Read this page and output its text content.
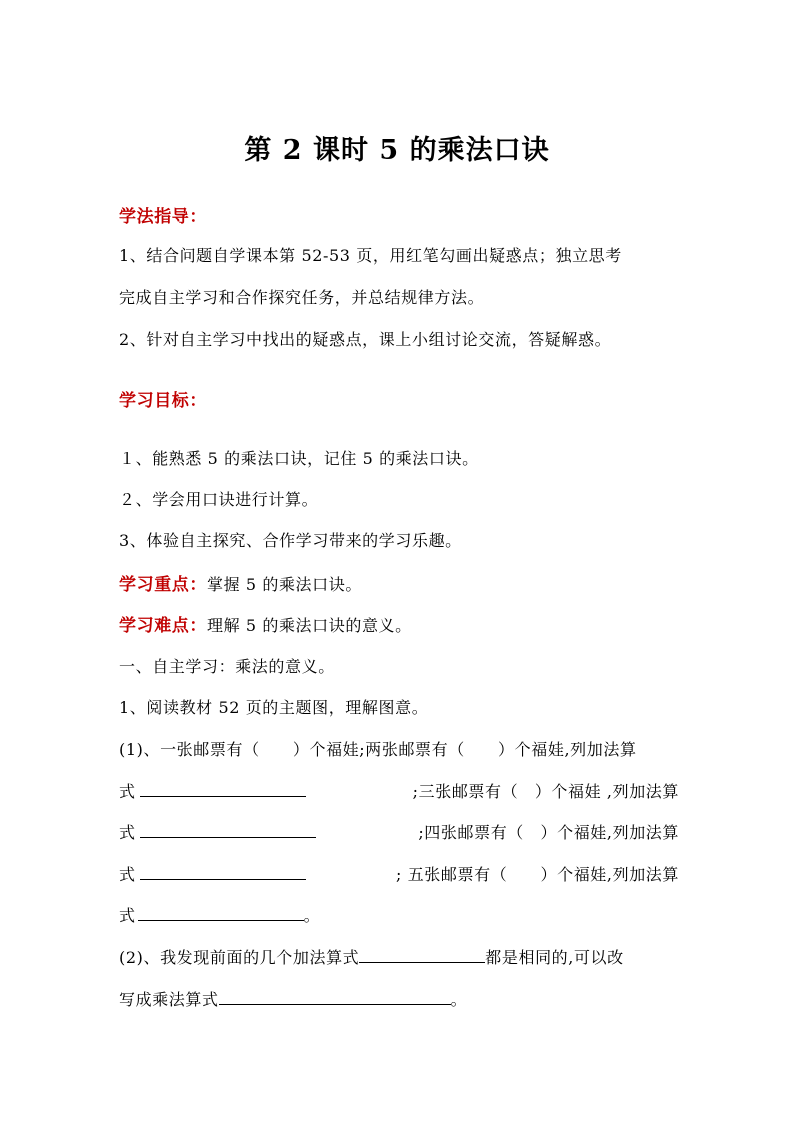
第 2 课时 5 的乘法口诀
学法指导：
1、结合问题自学课本第 52-53 页，用红笔勾画出疑惑点；独立思考
完成自主学习和合作探究任务，并总结规律方法。
2、针对自主学习中找出的疑惑点，课上小组讨论交流，答疑解惑。
学习目标：
１、能熟悉 5 的乘法口诀，记住 5 的乘法口诀。
２、学会用口诀进行计算。
3、体验自主探究、合作学习带来的学习乐趣。
学习重点：掌握 5 的乘法口诀。
学习难点：理解 5 的乘法口诀的意义。
一、自主学习：乘法的意义。
1、阅读教材 52 页的主题图，理解图意。
(1)、一张邮票有（　　）个福娃;两张邮票有（　　）个福娃,列加法算
式	;三张邮票有（　）个福娃 ,列加法算
式	;四张邮票有（　）个福娃,列加法算
式	; 五张邮票有（　　）个福娃,列加法算
式	。
(2)、我发现前面的几个加法算式	都是相同的,可以改
写成乘法算式	。
